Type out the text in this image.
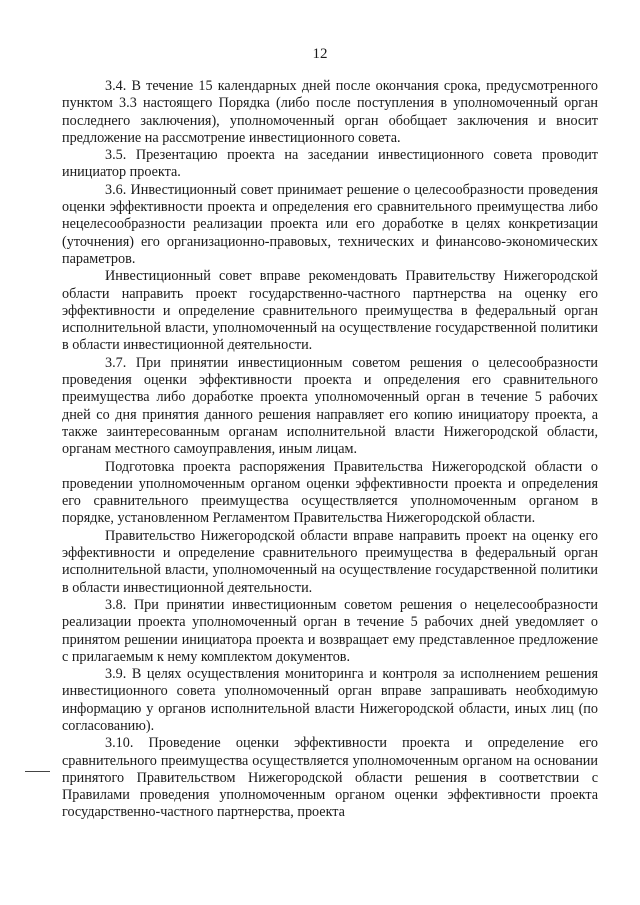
12

3.4. В течение 15 календарных дней после окончания срока, предусмотренного пунктом 3.3 настоящего Порядка (либо после поступления в уполномоченный орган последнего заключения), уполномоченный орган обобщает заключения и вносит предложение на рассмотрение инвестиционного совета.

3.5. Презентацию проекта на заседании инвестиционного совета проводит инициатор проекта.

3.6. Инвестиционный совет принимает решение о целесообразности проведения оценки эффективности проекта и определения его сравнительного преимущества либо нецелесообразности реализации проекта или его доработке в целях конкретизации (уточнения) его организационно-правовых, технических и финансово-экономических параметров.

Инвестиционный совет вправе рекомендовать Правительству Нижегородской области направить проект государственно-частного партнерства на оценку его эффективности и определение сравнительного преимущества в федеральный орган исполнительной власти, уполномоченный на осуществление государственной политики в области инвестиционной деятельности.

3.7. При принятии инвестиционным советом решения о целесообразности проведения оценки эффективности проекта и определения его сравнительного преимущества либо доработке проекта уполномоченный орган в течение 5 рабочих дней со дня принятия данного решения направляет его копию инициатору проекта, а также заинтересованным органам исполнительной власти Нижегородской области, органам местного самоуправления, иным лицам.

Подготовка проекта распоряжения Правительства Нижегородской области о проведении уполномоченным органом оценки эффективности проекта и определения его сравнительного преимущества осуществляется уполномоченным органом в порядке, установленном Регламентом Правительства Нижегородской области.

Правительство Нижегородской области вправе направить проект на оценку его эффективности и определение сравнительного преимущества в федеральный орган исполнительной власти, уполномоченный на осуществление государственной политики в области инвестиционной деятельности.

3.8. При принятии инвестиционным советом решения о нецелесообразности реализации проекта уполномоченный орган в течение 5 рабочих дней уведомляет о принятом решении инициатора проекта и возвращает ему представленное предложение с прилагаемым к нему комплектом документов.

3.9. В целях осуществления мониторинга и контроля за исполнением решения инвестиционного совета уполномоченный орган вправе запрашивать необходимую информацию у органов исполнительной власти Нижегородской области, иных лиц (по согласованию).

3.10. Проведение оценки эффективности проекта и определение его сравнительного преимущества осуществляется уполномоченным органом на основании принятого Правительством Нижегородской области решения в соответствии с Правилами проведения уполномоченным органом оценки эффективности проекта государственно-частного партнерства, проекта
